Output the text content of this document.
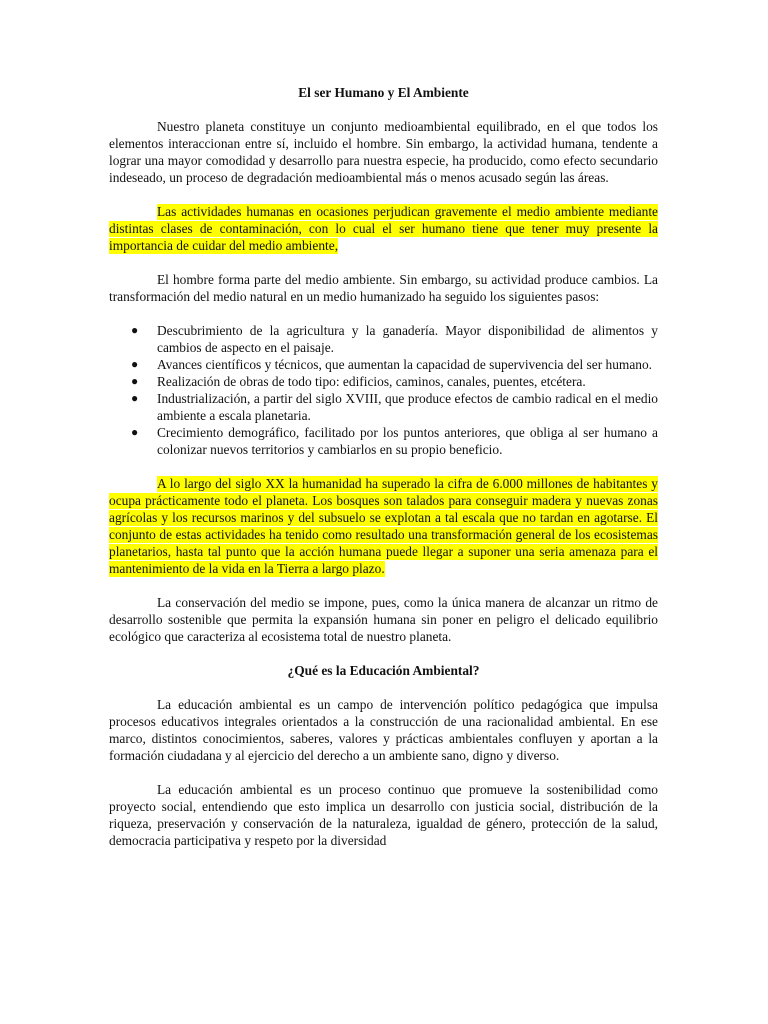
El ser Humano y El Ambiente

Nuestro planeta constituye un conjunto medioambiental equilibrado, en el que todos los elementos interaccionan entre sí, incluido el hombre. Sin embargo, la actividad humana, tendente a lograr una mayor comodidad y desarrollo para nuestra especie, ha producido, como efecto secundario indeseado, un proceso de degradación medioambiental más o menos acusado según las áreas.

Las actividades humanas en ocasiones perjudican gravemente el medio ambiente mediante distintas clases de contaminación, con lo cual el ser humano tiene que tener muy presente la importancia de cuidar del medio ambiente,

El hombre forma parte del medio ambiente. Sin embargo, su actividad produce cambios. La transformación del medio natural en un medio humanizado ha seguido los siguientes pasos:

● Descubrimiento de la agricultura y la ganadería. Mayor disponibilidad de alimentos y cambios de aspecto en el paisaje.
● Avances científicos y técnicos, que aumentan la capacidad de supervivencia del ser humano.
● Realización de obras de todo tipo: edificios, caminos, canales, puentes, etcétera.
● Industrialización, a partir del siglo XVIII, que produce efectos de cambio radical en el medio ambiente a escala planetaria.
● Crecimiento demográfico, facilitado por los puntos anteriores, que obliga al ser humano a colonizar nuevos territorios y cambiarlos en su propio beneficio.

A lo largo del siglo XX la humanidad ha superado la cifra de 6.000 millones de habitantes y ocupa prácticamente todo el planeta. Los bosques son talados para conseguir madera y nuevas zonas agrícolas y los recursos marinos y del subsuelo se explotan a tal escala que no tardan en agotarse. El conjunto de estas actividades ha tenido como resultado una transformación general de los ecosistemas planetarios, hasta tal punto que la acción humana puede llegar a suponer una seria amenaza para el mantenimiento de la vida en la Tierra a largo plazo.

La conservación del medio se impone, pues, como la única manera de alcanzar un ritmo de desarrollo sostenible que permita la expansión humana sin poner en peligro el delicado equilibrio ecológico que caracteriza al ecosistema total de nuestro planeta.

¿Qué es la Educación Ambiental?

La educación ambiental es un campo de intervención político pedagógica que impulsa procesos educativos integrales orientados a la construcción de una racionalidad ambiental. En ese marco, distintos conocimientos, saberes, valores y prácticas ambientales confluyen y aportan a la formación ciudadana y al ejercicio del derecho a un ambiente sano, digno y diverso.

La educación ambiental es un proceso continuo que promueve la sostenibilidad como proyecto social, entendiendo que esto implica un desarrollo con justicia social, distribución de la riqueza, preservación y conservación de la naturaleza, igualdad de género, protección de la salud, democracia participativa y respeto por la diversidad
